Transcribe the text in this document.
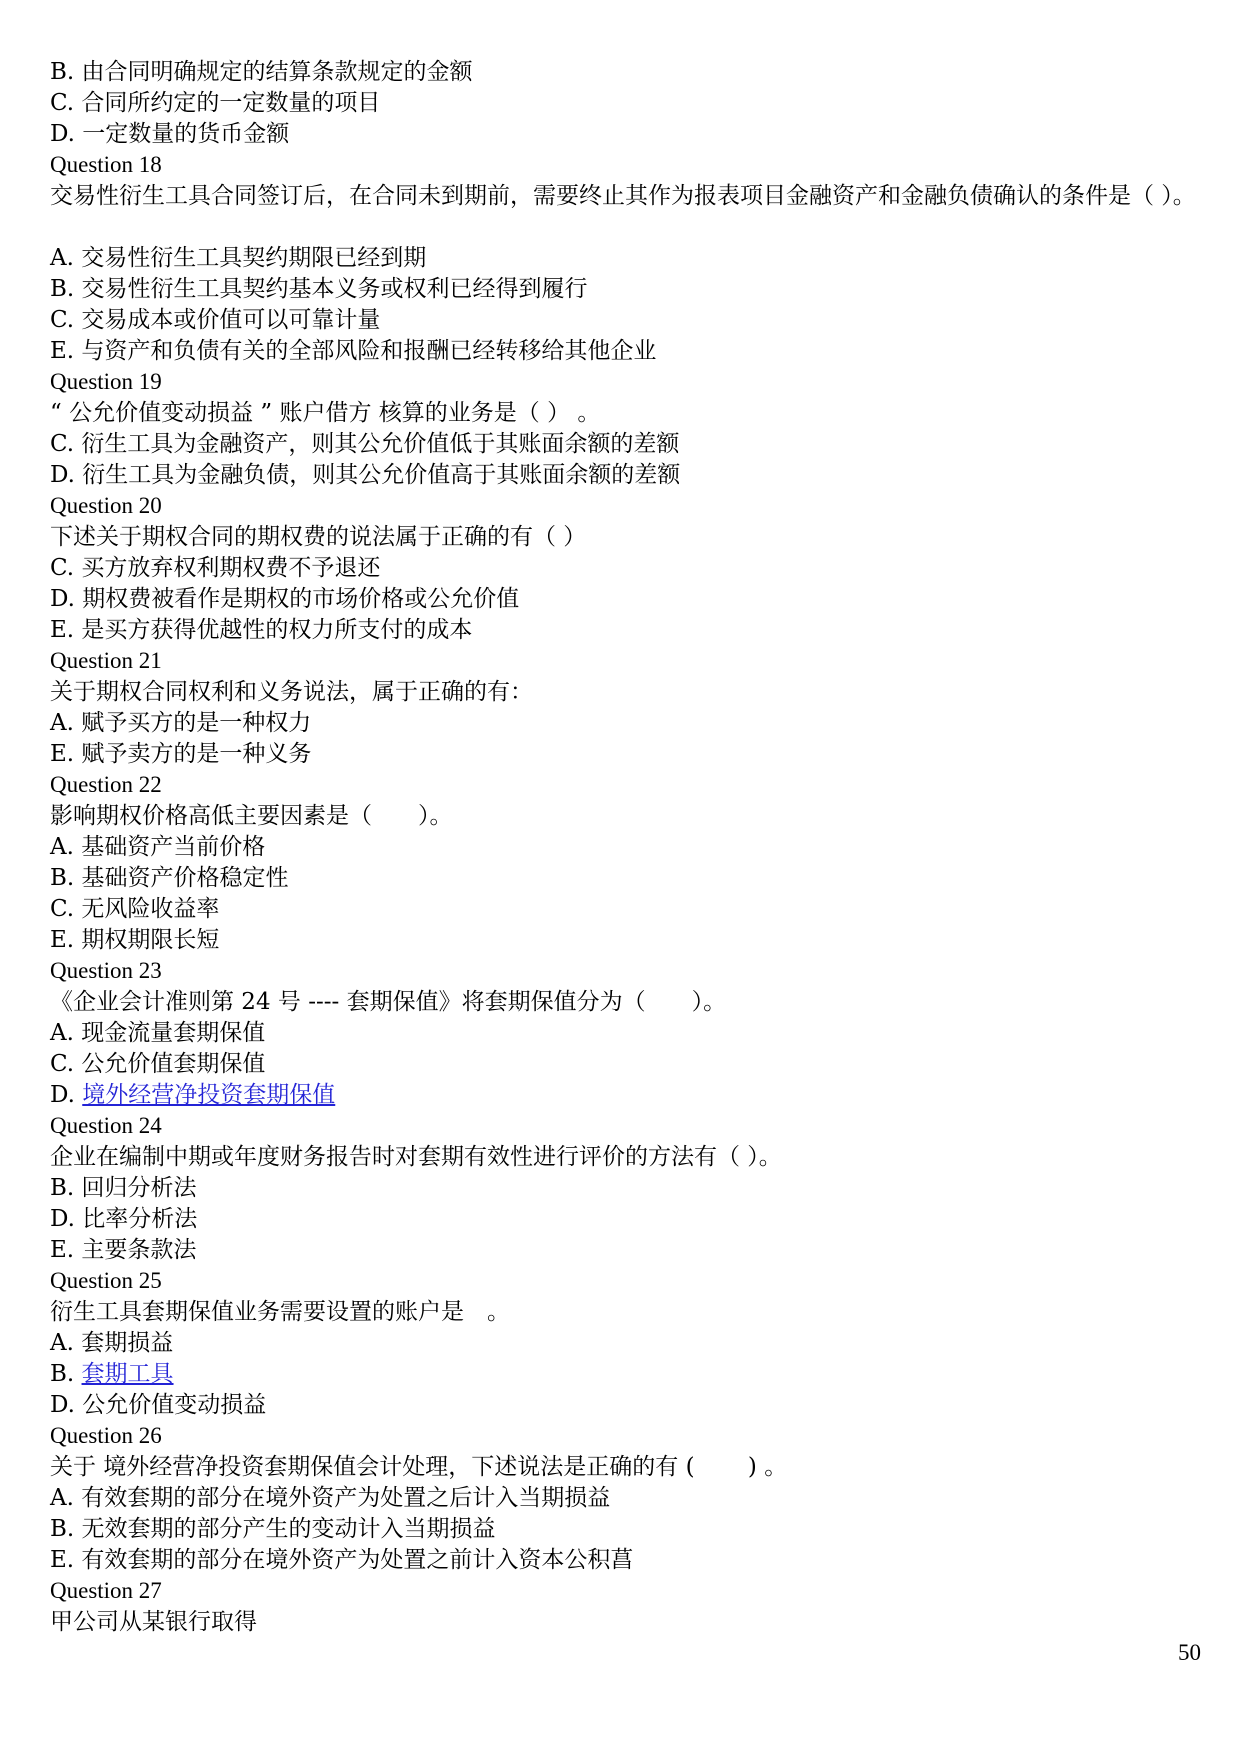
B. 由合同明确规定的结算条款规定的金额
C. 合同所约定的一定数量的项目
D. 一定数量的货币金额
Question 18
交易性衍生工具合同签订后，在合同未到期前，需要终止其作为报表项目金融资产和金融负债确认的条件是（ ）。
A. 交易性衍生工具契约期限已经到期
B. 交易性衍生工具契约基本义务或权利已经得到履行
C. 交易成本或价值可以可靠计量
E. 与资产和负债有关的全部风险和报酬已经转移给其他企业
Question 19
“ 公允价值变动损益 ” 账户借方 核算的业务是（ ） 。
C. 衍生工具为金融资产，则其公允价值低于其账面余额的差额
D. 衍生工具为金融负债，则其公允价值高于其账面余额的差额
Question 20
下述关于期权合同的期权费的说法属于正确的有（ ）
C. 买方放弃权利期权费不予退还
D. 期权费被看作是期权的市场价格或公允价值
E. 是买方获得优越性的权力所支付的成本
Question 21
关于期权合同权利和义务说法，属于正确的有：
A. 赋予买方的是一种权力
E. 赋予卖方的是一种义务
Question 22
影响期权价格高低主要因素是（　　）。
A. 基础资产当前价格
B. 基础资产价格稳定性
C. 无风险收益率
E. 期权期限长短
Question 23
《企业会计准则第 24 号 ---- 套期保值》将套期保值分为（　　）。
A. 现金流量套期保值
C. 公允价值套期保值
D. 境外经营净投资套期保值
Question 24
企业在编制中期或年度财务报告时对套期有效性进行评价的方法有（ ）。
B. 回归分析法
D. 比率分析法
E. 主要条款法
Question 25
衍生工具套期保值业务需要设置的账户是　。
A. 套期损益
B. 套期工具
D. 公允价值变动损益
Question 26
关于 境外经营净投资套期保值会计处理，下述说法是正确的有 (　　 ) 。
A. 有效套期的部分在境外资产为处置之后计入当期损益
B. 无效套期的部分产生的变动计入当期损益
E. 有效套期的部分在境外资产为处置之前计入资本公积菖
Question 27
甲公司从某银行取得
50
